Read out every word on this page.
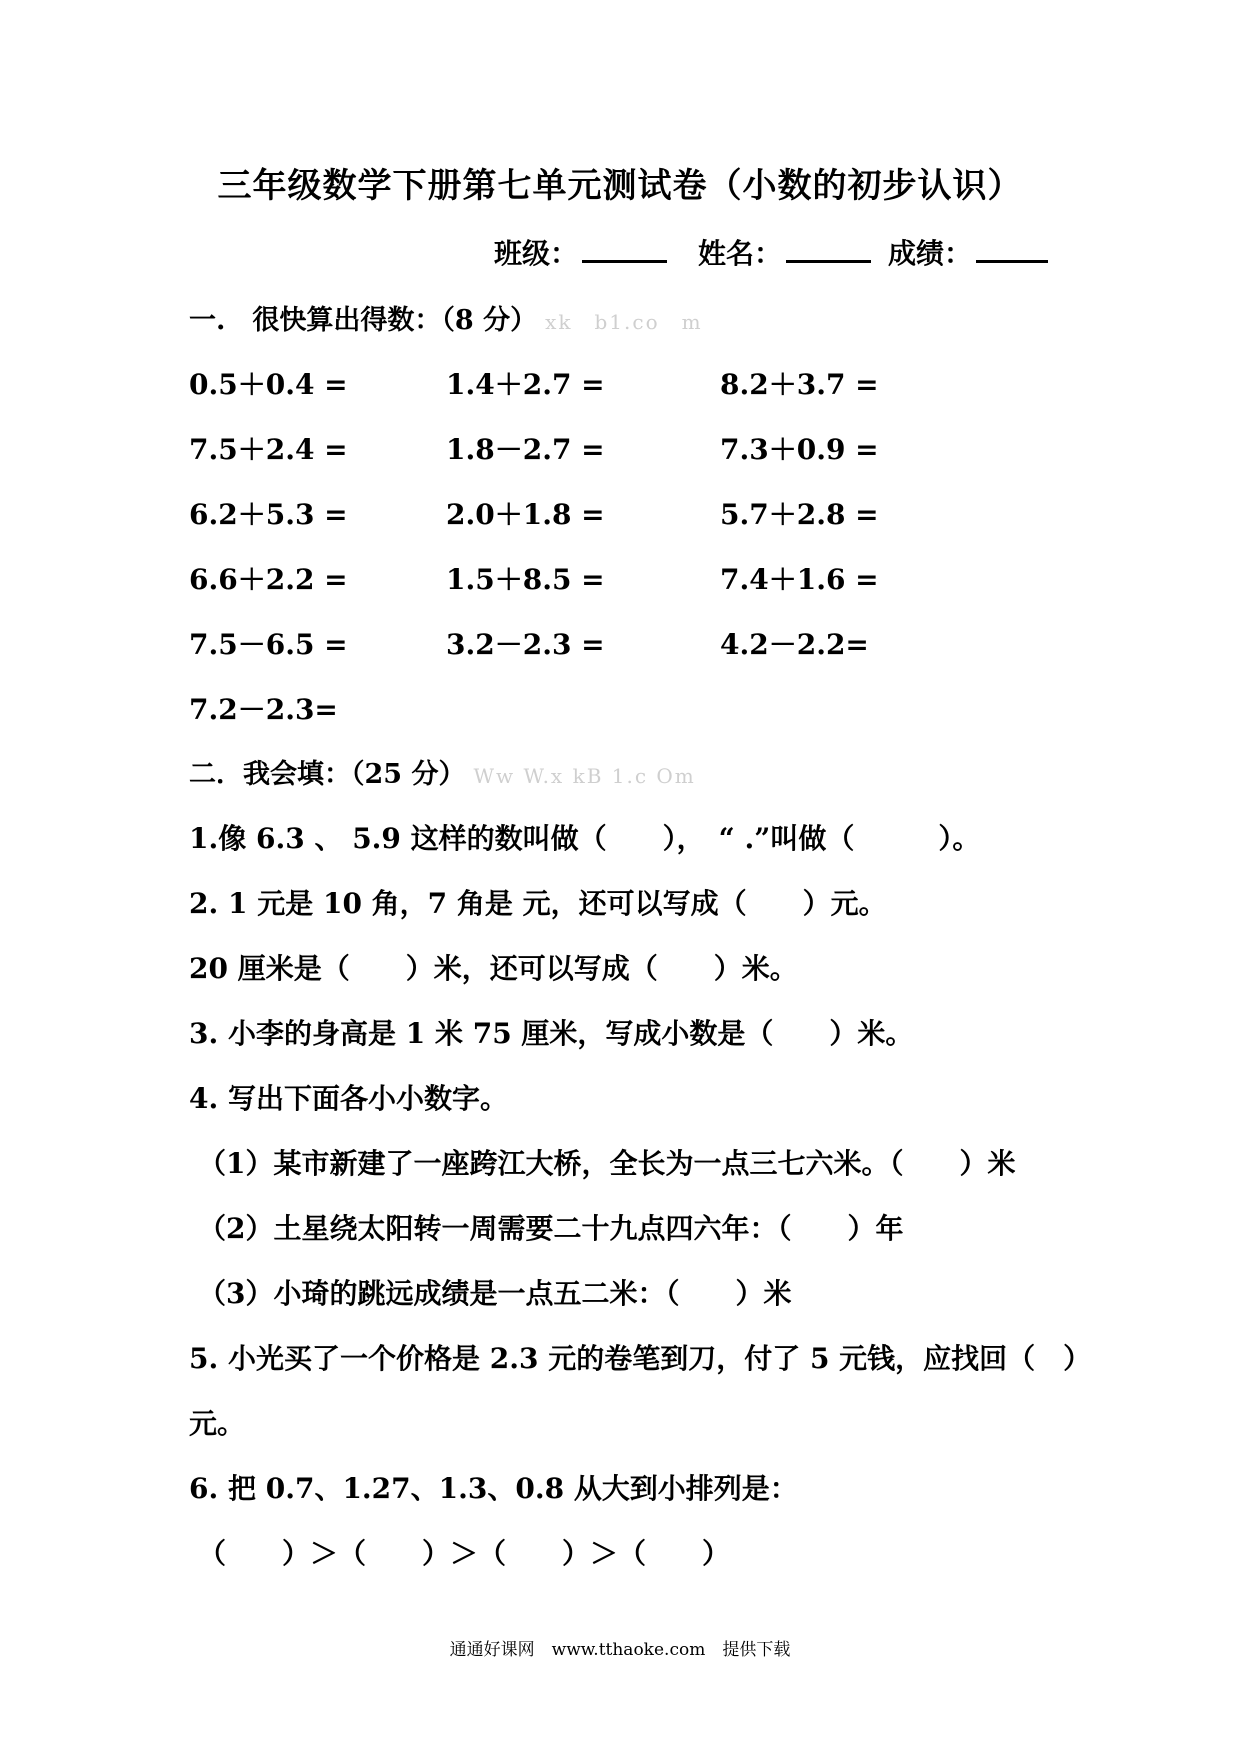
三年级数学下册第七单元测试卷（小数的初步认识）
班级：	姓名：	成绩：
一.　很快算出得数：（8 分） xk　b1.co　m
0.5＋0.4 =	1.4＋2.7 =	8.2＋3.7 =
7.5＋2.4 =	1.8－2.7 =	7.3＋0.9 =
6.2＋5.3 =	2.0＋1.8 =	5.7＋2.8 =
6.6＋2.2 =	1.5＋8.5 =	7.4＋1.6 =
7.5－6.5 =	3.2－2.3 =	4.2－2.2=
7.2－2.3=
二．我会填：（25 分） Ww W.x kB 1.c Om
1.像 6.3 、 5.9 这样的数叫做（　　），　“ .”叫做（　　　）。
2. 1 元是 10 角，7 角是 元，还可以写成（　　）元。
20 厘米是（　　）米，还可以写成（　　）米。
3. 小李的身高是 1 米 75 厘米，写成小数是（　　）米。
4. 写出下面各小小数字。
（1）某市新建了一座跨江大桥，全长为一点三七六米。（　　）米
（2）土星绕太阳转一周需要二十九点四六年：（　　）年
（3）小琦的跳远成绩是一点五二米：（　　）米
5. 小光买了一个价格是 2.3 元的卷笔到刀，付了 5 元钱，应找回（　）
元。
6. 把 0.7、1.27、1.3、0.8 从大到小排列是：
（　　）＞（　　）＞（　　）＞（　　）
通通好课网　www.tthaoke.com　提供下载
